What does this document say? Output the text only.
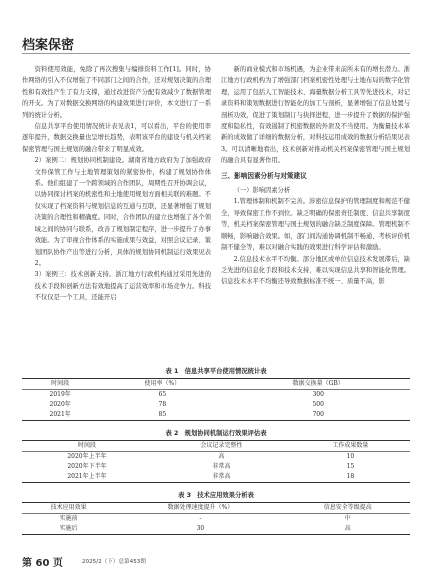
档案保密

资料使用效能，免除了再次搜集与编排资料工作[1]。同时，协作网络的引入不仅增强了不同部门之间的合作，还对规划决策的合理性和有效性产生了有力支撑，通过改进资产分配有效减少了数据管理的开支。为了对数据交换网络的构建效果进行评价，本文进行了一系列的统计分析。

信息共享平台使用情况统计表见表1，可以看出，平台的使用率逐年提升，数据交换量也呈增长趋势，表明该平台的建设与机关档案保密管理与国土规划的融合带来了明显成效。

2）案例二：规划协同机制建设。湖南省地方政府为了加强政府文件保管工作与土地管理策划的紧密协作，构建了规划协作体系。他们组建了一个跨领域的合作团队，周期性召开协调会议，以协同探讨档案的机密性和土地使用规划方面相关联的难题。不仅实现了档案资料与规划信息的互通与互联，还显著增强了规划决策的合理性和精确度。同时，合作团队的建立也增强了各个领域之间的协同与联系，改善了规划制定程序，进一步提升了办事效能。为了审视合作体系的实施成果与效益，对照会议记录、策划团队协作产出等进行分析，具体的规划协同机制运行效果见表2。

3）案例三：技术创新支持。浙江地方行政机构通过采用先进的技术手段和创新方法有效地提高了运营效率和市场竞争力。科技不仅仅是一个工具，还能开启

新的商业模式和市场机遇，为企业带来前所未有的增长潜力。浙江地方行政机构为了增强部门档案机密性处理与土地布局的数字化管理，运用了包括人工智能技术、海量数据分析工具等先进技术，对记录资料和策划数据进行智能化的加工与剖析，显著增强了信息处置与剖析功效，促进了策划制订与抉择进程，进一步提升了数据的保护强度和隐私性，有效遏制了机密数据的外泄及不当使用。为衡量技术革新的成效做了详细的数据分析，对科技运用成效的数据分析结果见表3。可以清晰地看出，技术创新对推动机关档案保密管理与国土规划的融合具有显著作用。

三、影响因素分析与对策建议

（一）影响因素分析

1.管理体制和机制不完善。涉密信息保护的管理制度和规范不健全，导致保密工作不到位。缺乏明确的保密责任制度、信息共享制度等，机关档案保密管理与国土规划的融合缺乏制度保障。管理机制不顺畅，影响融合效果。如，部门间沟通协调机制不畅通、考核评价机制不健全等，难以对融合实践的效果进行科学评估和激励。

2.信息技术水平不均衡。部分地区或单位信息技术发展滞后，缺乏先进的信息化手段和技术支持，难以实现信息共享和智能化管理。信息技术水平不均衡还导致数据标准不统一、质量不高，影

表 1　信息共享平台使用情况统计表
时间段	使用率（%）	数据交换量（GB）
2019年	65	300
2020年	78	500
2021年	85	700
表 2　规划协同机制运行效果评估表
时间段	会议记录完整性	工作成果数量
2020年上半年	高	10
2020年下半年	非常高	15
2021年上半年	非常高	18
表 3　技术应用效果分析表
技术应用效果	数据处理速度提升（%）	信息安全等级提高
实施前	-	中
实施后	30	高
第 60 页	2025/2（下）总第453期
